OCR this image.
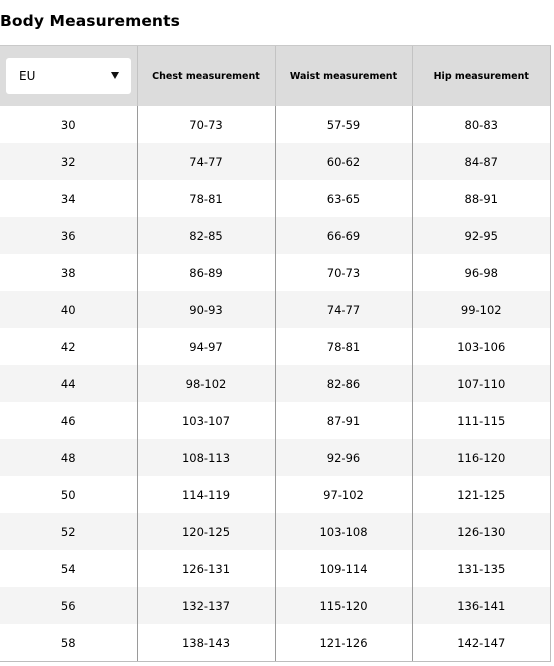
Body Measurements
EU	Chest measurement	Waist measurement	Hip measurement
30	70-73	57-59	80-83
32	74-77	60-62	84-87
34	78-81	63-65	88-91
36	82-85	66-69	92-95
38	86-89	70-73	96-98
40	90-93	74-77	99-102
42	94-97	78-81	103-106
44	98-102	82-86	107-110
46	103-107	87-91	111-115
48	108-113	92-96	116-120
50	114-119	97-102	121-125
52	120-125	103-108	126-130
54	126-131	109-114	131-135
56	132-137	115-120	136-141
58	138-143	121-126	142-147
